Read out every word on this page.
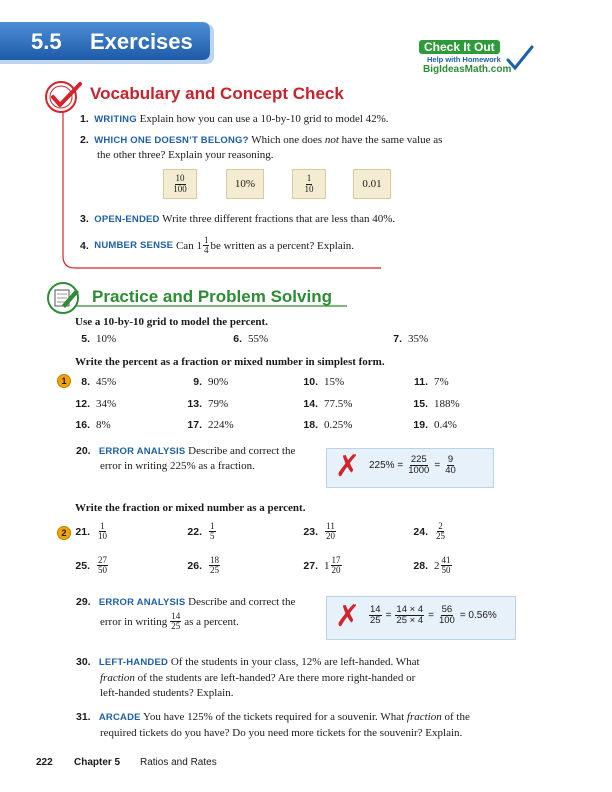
5.5 Exercises	Check It Out
Help with Homework
BigIdeasMath.com
Vocabulary and Concept Check
1. WRITING Explain how you can use a 10-by-10 grid to model 42%.
2. WHICH ONE DOESN’T BELONG? Which one does not have the same value as
the other three? Explain your reasoning.
$\frac{10}{100}$	10%	$\frac{1}{10}$	0.01
3. OPEN-ENDED Write three different fractions that are less than 40%.
4.
NUMBER SENSE
Can $1 \frac{1}{4}$ be written as a percent? Explain.
Practice and Problem Solving
Use a 10-by-10 grid to model the percent.
5. 10%	6. 55%	7. 35%
Write the percent as a fraction or mixed number in simplest form.
1	8. 45%	9. 90%	10. 15%	11. 7%
12. 34%	13. 79%	14. 77.5%	15. 188%
16. 8%	17. 224%	18. 0.25%	19. 0.4%
20. ERROR ANALYSIS Describe and correct the
error in writing 225% as a fraction.	✗ $225\% = \frac{225}{1000} = \frac{9}{40}$
Write the fraction or mixed number as a percent.
2 21. $\frac{1}{10}$	22. $\frac{1}{5}$	23. $\frac{11}{20}$	24. $\frac{2}{25}$
25. $\frac{27}{50}$	26. $\frac{18}{25}$	27. $1 \frac{17}{20}$	28. $2 \frac{41}{50}$
29. ERROR ANALYSIS Describe and correct the
error in writing $\frac{14}{25}$ as a percent.	✗ $\frac{14}{25} = \frac{14 \times 4}{25 \times 4} = \frac{56}{100} = 0.56\%$
30. LEFT-HANDED Of the students in your class, 12% are left-handed. What
fraction of the students are left-handed? Are there more right-handed or
left-handed students? Explain.
31. ARCADE You have 125% of the tickets required for a souvenir. What fraction of the
required tickets do you have? Do you need more tickets for the souvenir? Explain.
222 Chapter 5 Ratios and Rates
